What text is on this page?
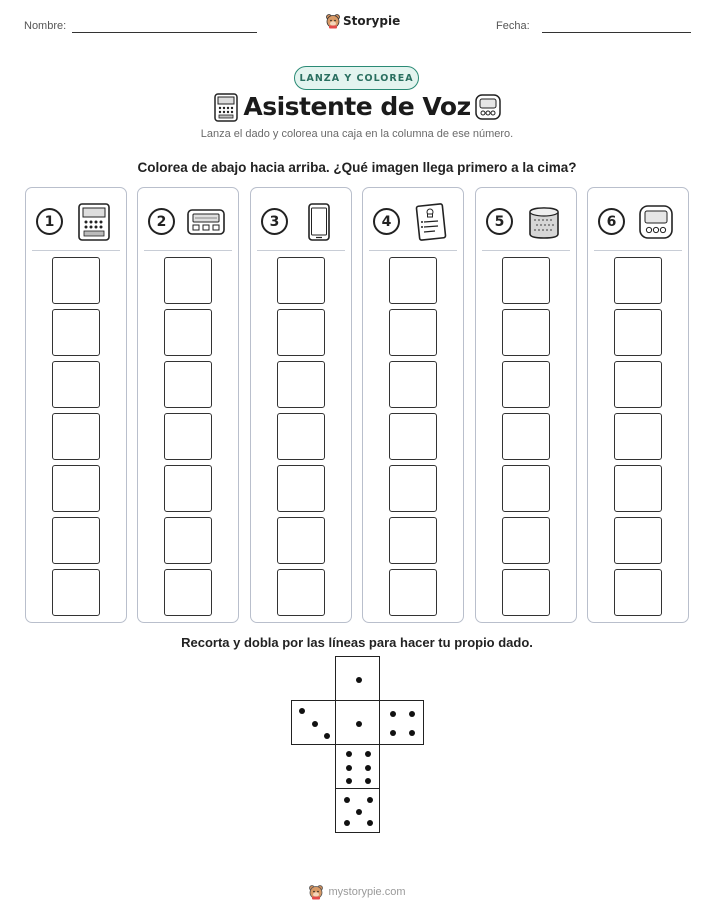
Nombre:	Storypie	Fecha:
LANZA Y COLOREA
Asistente de Voz
Lanza el dado y colorea una caja en la columna de ese número.
Colorea de abajo hacia arriba. ¿Qué imagen llega primero a la cima?
1	2	3	4	5	6
Recorta y dobla por las líneas para hacer tu propio dado.
mystorypie.com
